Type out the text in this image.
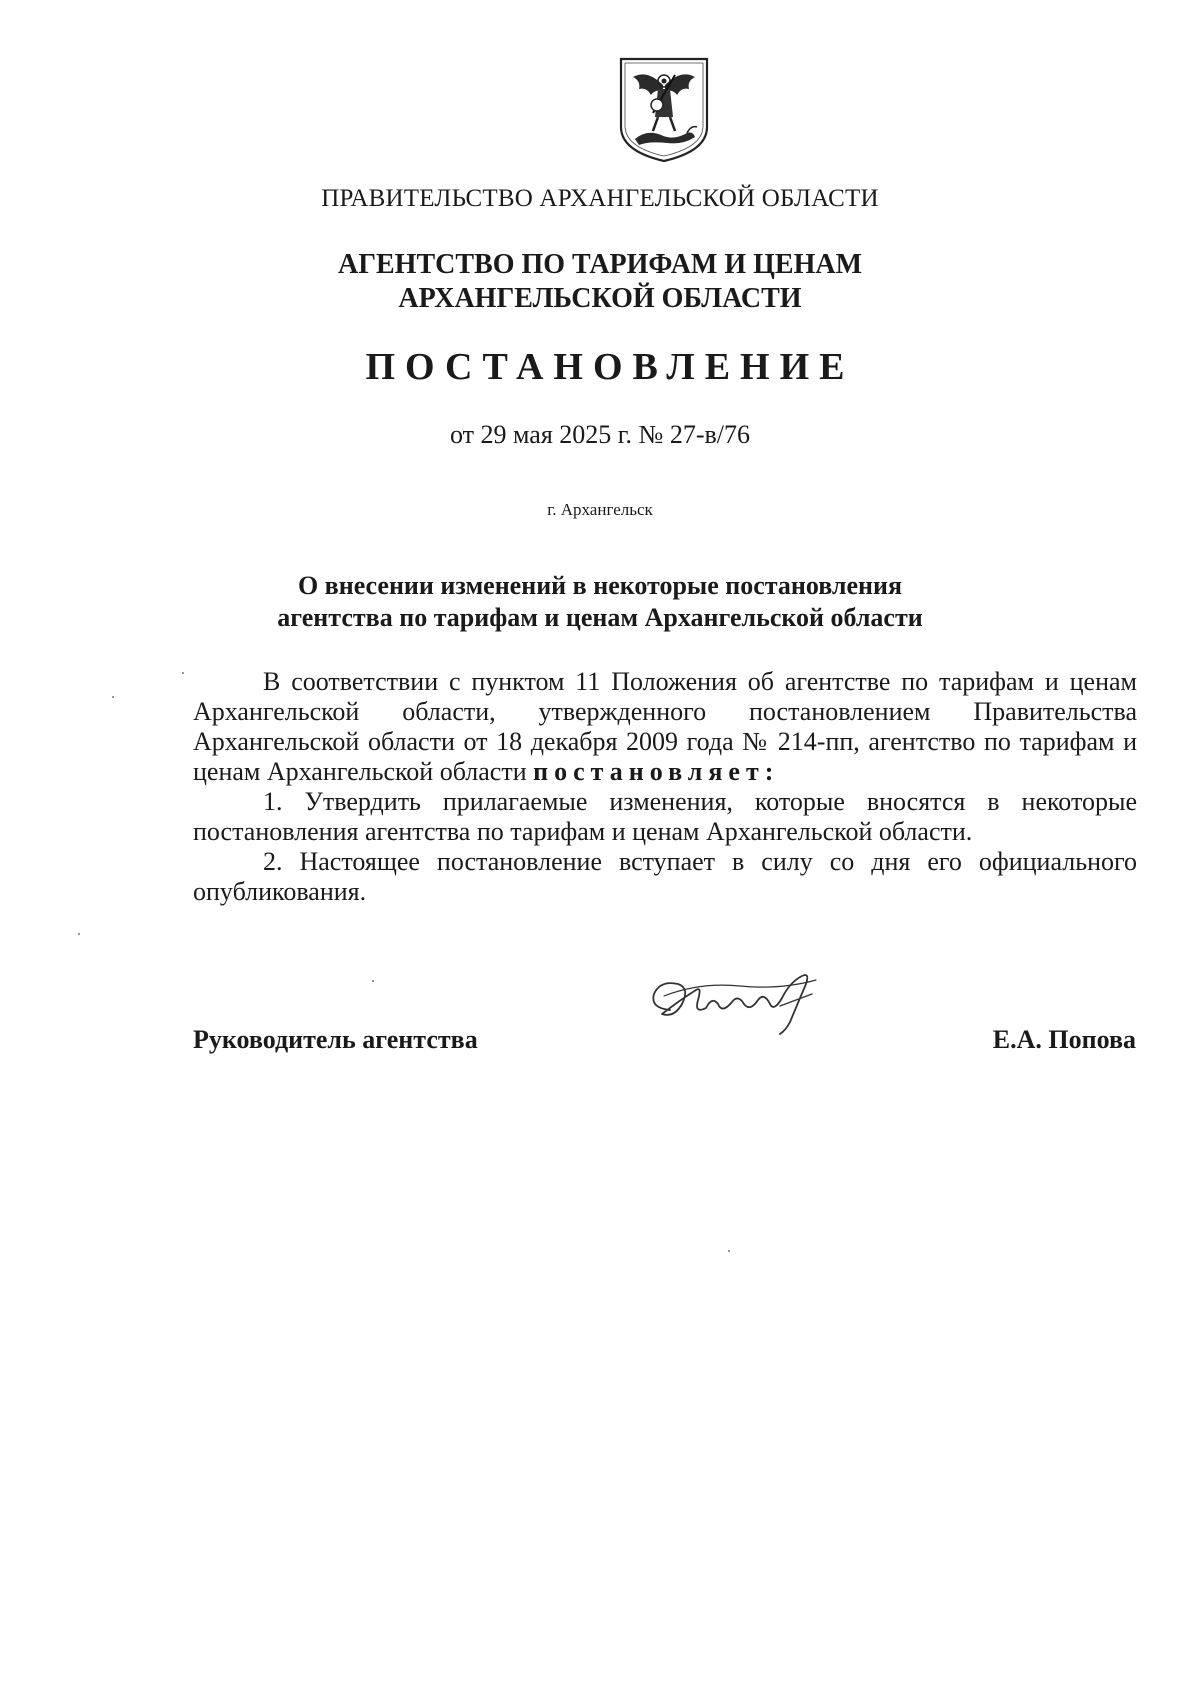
ПРАВИТЕЛЬСТВО АРХАНГЕЛЬСКОЙ ОБЛАСТИ

АГЕНТСТВО ПО ТАРИФАМ И ЦЕНАМ
АРХАНГЕЛЬСКОЙ ОБЛАСТИ

ПОСТАНОВЛЕНИЕ

от 29 мая 2025 г. № 27-в/76

г. Архангельск

О внесении изменений в некоторые постановления
агентства по тарифам и ценам Архангельской области

В соответствии с пунктом 11 Положения об агентстве по тарифам и ценам Архангельской области, утвержденного постановлением Правительства Архангельской области от 18 декабря 2009 года № 214-пп, агентство по тарифам и ценам Архангельской области постановляет:

1. Утвердить прилагаемые изменения, которые вносятся в некоторые постановления агентства по тарифам и ценам Архангельской области.

2. Настоящее постановление вступает в силу со дня его официального опубликования.

Руководитель агентства	Е.А. Попова
